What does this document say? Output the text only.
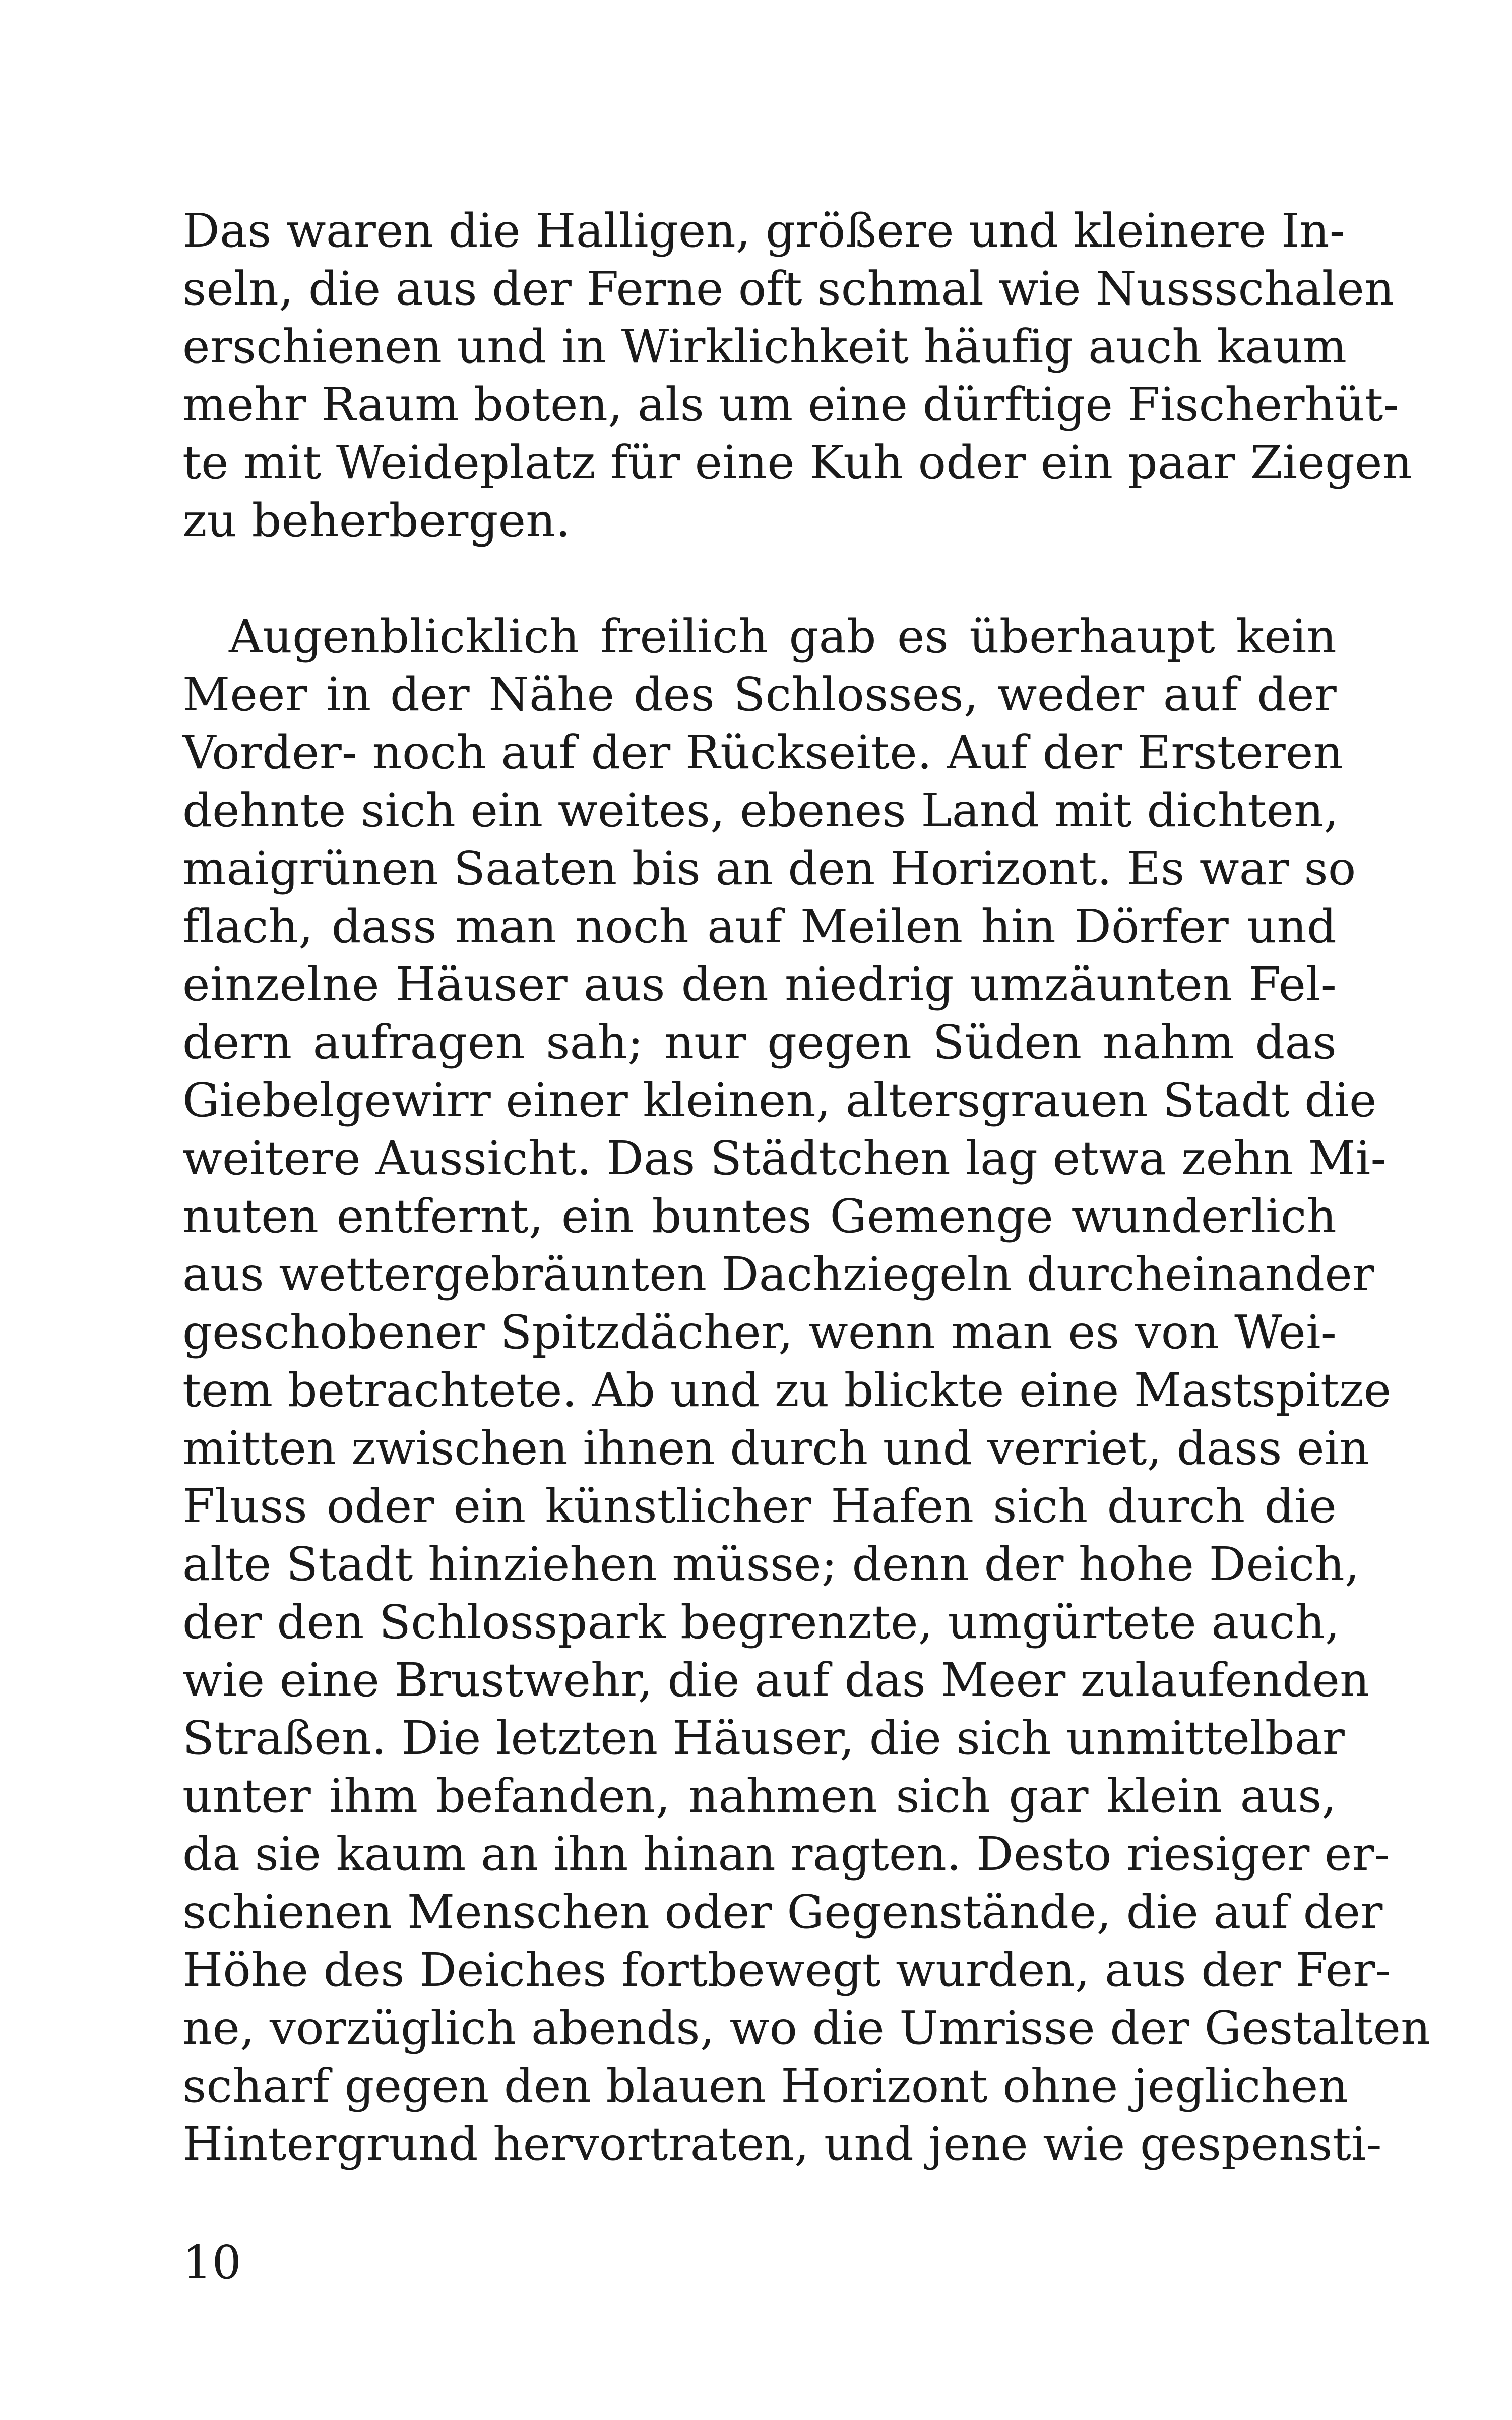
Das waren die Halligen, größere und kleinere In-
seln, die aus der Ferne oft schmal wie Nussschalen
erschienen und in Wirklichkeit häufig auch kaum
mehr Raum boten, als um eine dürftige Fischerhüt-
te mit Weideplatz für eine Kuh oder ein paar Ziegen
zu beherbergen.
Augenblicklich freilich gab es überhaupt kein
Meer in der Nähe des Schlosses, weder auf der
Vorder- noch auf der Rückseite. Auf der Ersteren
dehnte sich ein weites, ebenes Land mit dichten,
maigrünen Saaten bis an den Horizont. Es war so
flach, dass man noch auf Meilen hin Dörfer und
einzelne Häuser aus den niedrig umzäunten Fel-
dern aufragen sah; nur gegen Süden nahm das
Giebelgewirr einer kleinen, altersgrauen Stadt die
weitere Aussicht. Das Städtchen lag etwa zehn Mi-
nuten entfernt, ein buntes Gemenge wunderlich
aus wettergebräunten Dachziegeln durcheinander
geschobener Spitzdächer, wenn man es von Wei-
tem betrachtete. Ab und zu blickte eine Mastspitze
mitten zwischen ihnen durch und verriet, dass ein
Fluss oder ein künstlicher Hafen sich durch die
alte Stadt hinziehen müsse; denn der hohe Deich,
der den Schlosspark begrenzte, umgürtete auch,
wie eine Brustwehr, die auf das Meer zulaufenden
Straßen. Die letzten Häuser, die sich unmittelbar
unter ihm befanden, nahmen sich gar klein aus,
da sie kaum an ihn hinan ragten. Desto riesiger er-
schienen Menschen oder Gegenstände, die auf der
Höhe des Deiches fortbewegt wurden, aus der Fer-
ne, vorzüglich abends, wo die Umrisse der Gestalten
scharf gegen den blauen Horizont ohne jeglichen
Hintergrund hervortraten, und jene wie gespensti-
10
